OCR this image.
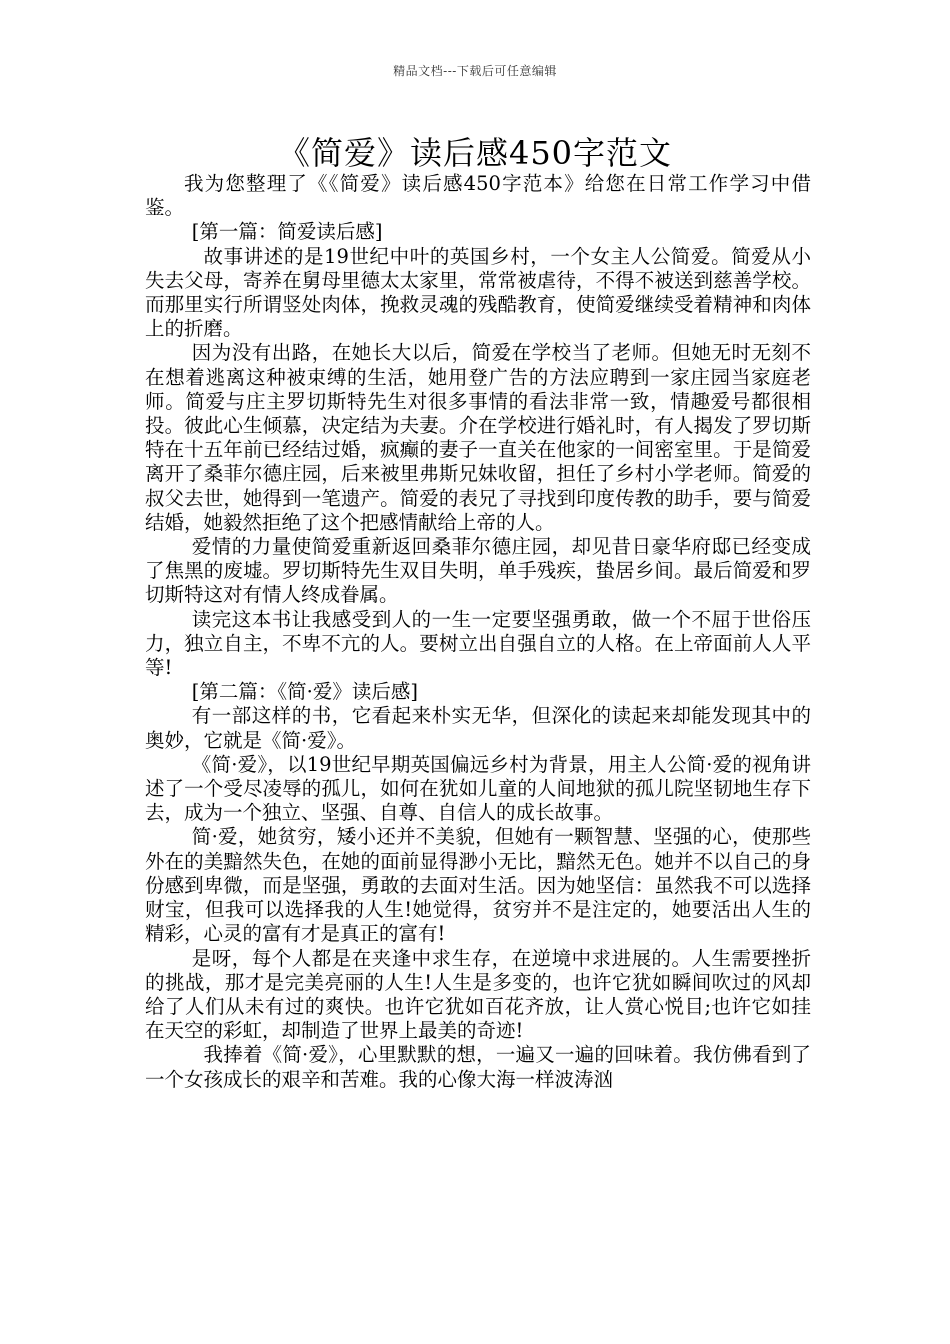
精品文档---下载后可任意编辑
《简爱》读后感450字范文

我为您整理了《《简爱》读后感450字范本》给您在日常工作学习中借鉴。

[第一篇：简爱读后感]

故事讲述的是19世纪中叶的英国乡村，一个女主人公简爱。简爱从小失去父母，寄养在舅母里德太太家里，常常被虐待，不得不被送到慈善学校。而那里实行所谓竖处肉体，挽救灵魂的残酷教育，使简爱继续受着精神和肉体上的折磨。

因为没有出路，在她长大以后，简爱在学校当了老师。但她无时无刻不在想着逃离这种被束缚的生活，她用登广告的方法应聘到一家庄园当家庭老师。简爱与庄主罗切斯特先生对很多事情的看法非常一致，情趣爱号都很相投。彼此心生倾慕，决定结为夫妻。介在学校进行婚礼时，有人揭发了罗切斯特在十五年前已经结过婚，疯癫的妻子一直关在他家的一间密室里。于是简爱离开了桑菲尔德庄园，后来被里弗斯兄妹收留，担任了乡村小学老师。简爱的叔父去世，她得到一笔遗产。简爱的表兄了寻找到印度传教的助手，要与简爱结婚，她毅然拒绝了这个把感情献给上帝的人。

爱情的力量使简爱重新返回桑菲尔德庄园，却见昔日豪华府邸已经变成了焦黑的废墟。罗切斯特先生双目失明，单手残疾，蛰居乡间。最后简爱和罗切斯特这对有情人终成眷属。

读完这本书让我感受到人的一生一定要坚强勇敢，做一个不屈于世俗压力，独立自主，不卑不亢的人。要树立出自强自立的人格。在上帝面前人人平等!

[第二篇：《简·爱》读后感]

有一部这样的书，它看起来朴实无华，但深化的读起来却能发现其中的奥妙，它就是《简·爱》。

《简·爱》，以19世纪早期英国偏远乡村为背景，用主人公简·爱的视角讲述了一个受尽凌辱的孤儿，如何在犹如儿童的人间地狱的孤儿院坚韧地生存下去，成为一个独立、坚强、自尊、自信人的成长故事。

简·爱，她贫穷，矮小还并不美貌，但她有一颗智慧、坚强的心，使那些外在的美黯然失色，在她的面前显得渺小无比，黯然无色。她并不以自己的身份感到卑微，而是坚强，勇敢的去面对生活。因为她坚信：虽然我不可以选择财宝，但我可以选择我的人生!她觉得，贫穷并不是注定的，她要活出人生的精彩，心灵的富有才是真正的富有!

是呀，每个人都是在夹逢中求生存，在逆境中求进展的。人生需要挫折的挑战，那才是完美亮丽的人生!人生是多变的，也许它犹如瞬间吹过的风却给了人们从未有过的爽快。也许它犹如百花齐放，让人赏心悦目;也许它如挂在天空的彩虹，却制造了世界上最美的奇迹!

我捧着《简·爱》，心里默默的想，一遍又一遍的回味着。我仿佛看到了一个女孩成长的艰辛和苦难。我的心像大海一样波涛汹
